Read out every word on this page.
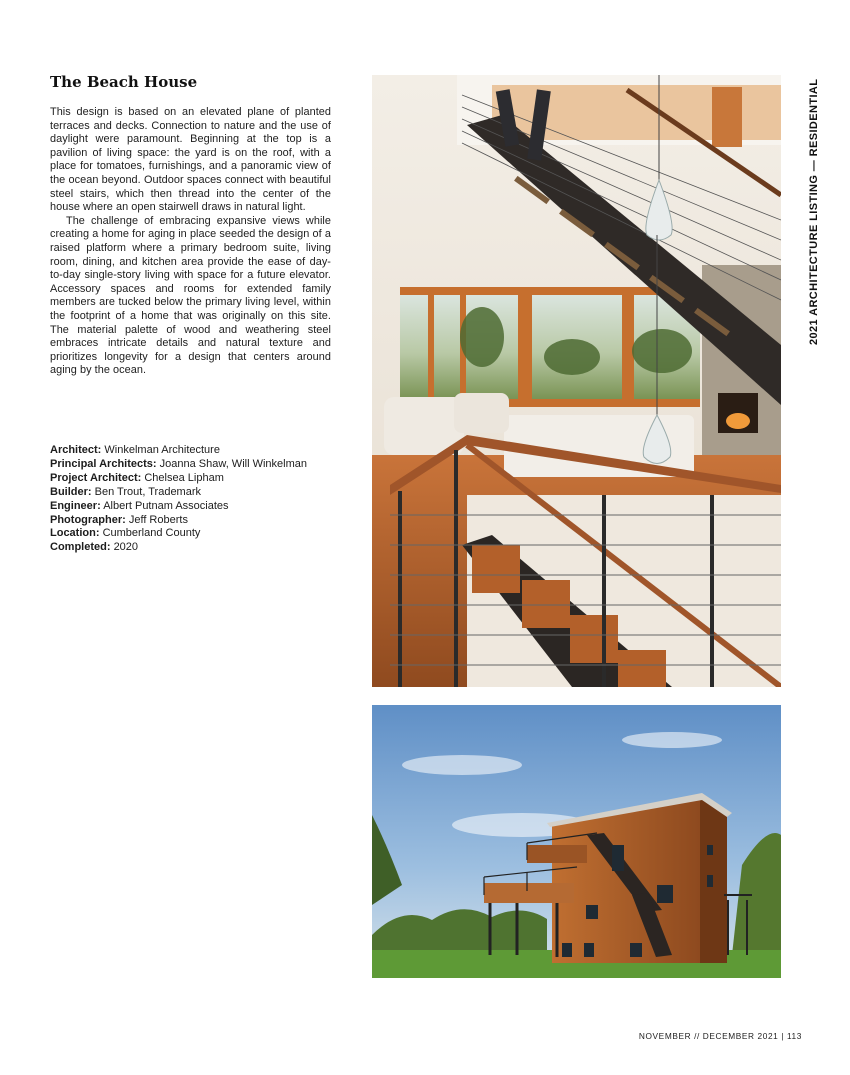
The Beach House

This design is based on an elevated plane of planted terraces and decks. Connection to nature and the use of daylight were paramount. Beginning at the top is a pavilion of living space: the yard is on the roof, with a place for tomatoes, furnishings, and a panoramic view of the ocean beyond. Outdoor spaces connect with beautiful steel stairs, which then thread into the center of the house where an open stairwell draws in natural light.

The challenge of embracing expansive views while creating a home for aging in place seeded the design of a raised platform where a primary bedroom suite, living room, dining, and kitchen area provide the ease of day-to-day single-story living with space for a future elevator. Accessory spaces and rooms for extended family members are tucked below the primary living level, within the footprint of a home that was originally on this site. The material palette of wood and weathering steel embraces intricate details and natural texture and prioritizes longevity for a design that centers around aging by the ocean.

Architect: Winkelman Architecture
Principal Architects: Joanna Shaw, Will Winkelman
Project Architect: Chelsea Lipham
Builder: Ben Trout, Trademark
Engineer: Albert Putnam Associates
Photographer: Jeff Roberts
Location: Cumberland County
Completed: 2020
2021 ARCHITECTURE LISTING — RESIDENTIAL
NOVEMBER // DECEMBER 2021 | 113
